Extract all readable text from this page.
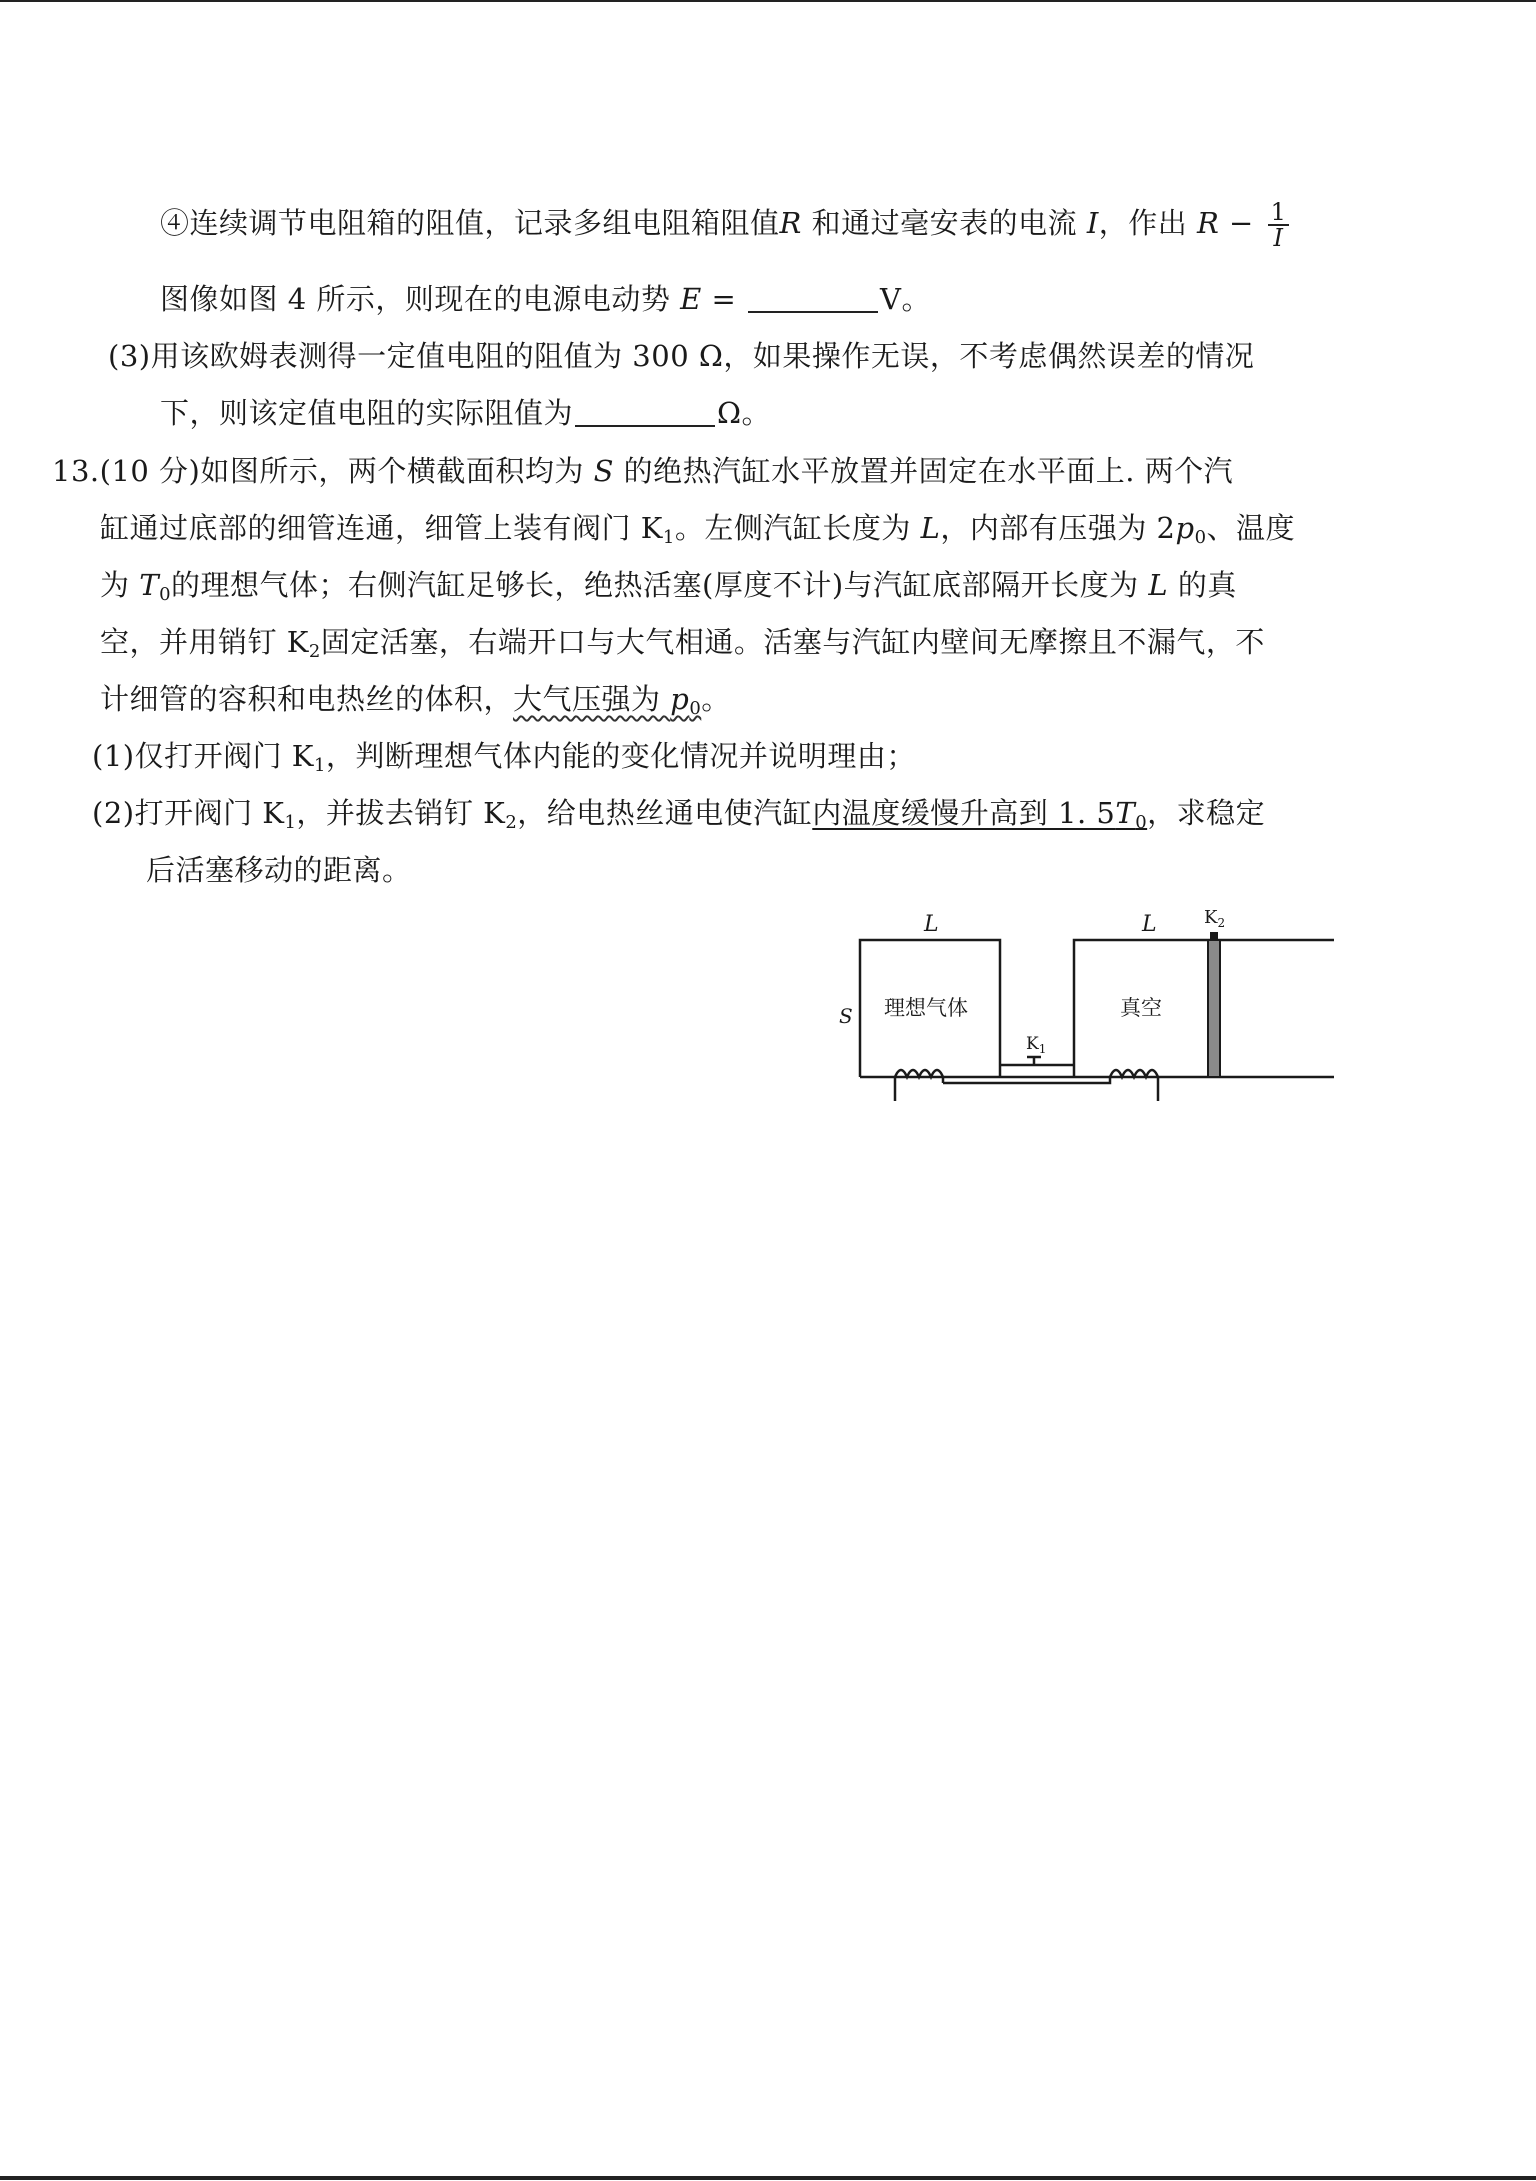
④连续调节电阻箱的阻值，记录多组电阻箱阻值R 和通过毫安表的电流 I，作出 $R - \frac{1}{I}$
图像如图 4 所示，则现在的电源电动势 E =	V。
(3)用该欧姆表测得一定值电阻的阻值为 300 Ω，如果操作无误，不考虑偶然误差的情况
下，则该定值电阻的实际阻值为	Ω。
13.(10 分)如图所示，两个横截面积均为 S 的绝热汽缸水平放置并固定在水平面上. 两个汽
缸通过底部的细管连通，细管上装有阀门 $K_1$。左侧汽缸长度为 L，内部有压强为 $2p_0$、温度
为 $T_0$的理想气体；右侧汽缸足够长，绝热活塞(厚度不计)与汽缸底部隔开长度为 L 的真
空，并用销钉 $K_2$固定活塞，右端开口与大气相通。活塞与汽缸内壁间无摩擦且不漏气，不
计细管的容积和电热丝的体积，大气压强为 $p_0$。
(1)仅打开阀门 $K_1$，判断理想气体内能的变化情况并说明理由；
(2)打开阀门 $K_1$，并拔去销钉 $K_2$，给电热丝通电使汽缸内温度缓慢升高到 1. $5T_0$，求稳定
后活塞移动的距离。
L	L	$K_2$
S 理想气体	真空
$K_1$
